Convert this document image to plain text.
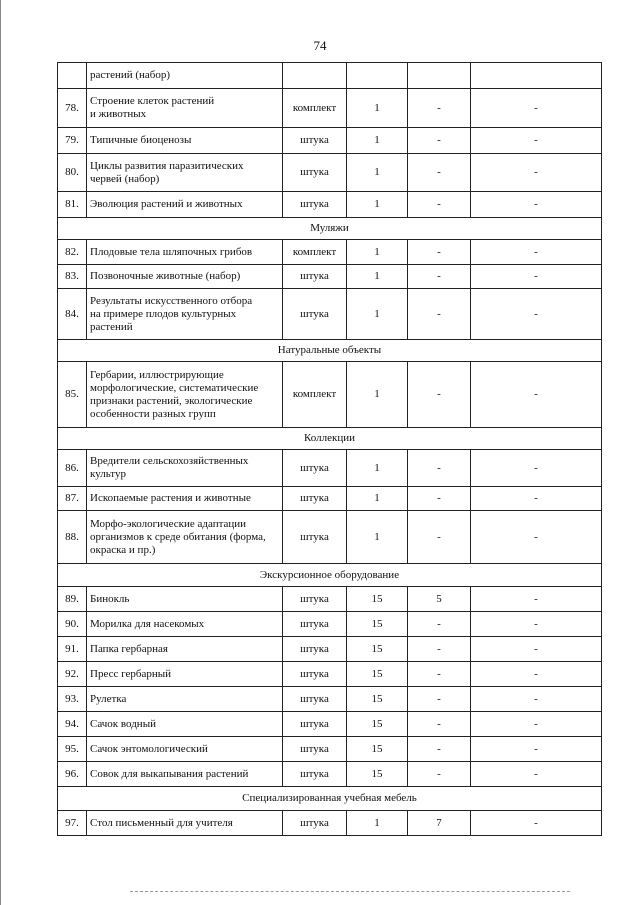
74
	растений (набор)				
78.	Строение клеток растений
и животных	комплект	1	-	-
79.	Типичные биоценозы	штука	1	-	-
80.	Циклы развития паразитических
червей (набор)	штука	1	-	-
81.	Эволюция растений и животных	штука	1	-	-
Муляжи					
82.	Плодовые тела шляпочных грибов	комплект	1	-	-
83.	Позвоночные животные (набор)	штука	1	-	-
84.	Результаты искусственного отбора
на примере плодов культурных
растений	штука	1	-	-
Натуральные объекты					
85.	Гербарии, иллюстрирующие
морфологические, систематические
признаки растений, экологические
особенности разных групп	комплект	1	-	-
Коллекции					
86.	Вредители сельскохозяйственных
культур	штука	1	-	-
87.	Ископаемые растения и животные	штука	1	-	-
88.	Морфо-экологические адаптации
организмов к среде обитания (форма,
окраска и пр.)	штука	1	-	-
Экскурсионное оборудование					
89.	Бинокль	штука	15	5	-
90.	Морилка для насекомых	штука	15	-	-
91.	Папка гербарная	штука	15	-	-
92.	Пресс гербарный	штука	15	-	-
93.	Рулетка	штука	15	-	-
94.	Сачок водный	штука	15	-	-
95.	Сачок энтомологический	штука	15	-	-
96.	Совок для выкапывания растений	штука	15	-	-
Специализированная учебная мебель					
97.	Стол письменный для учителя	штука	1	7	-
